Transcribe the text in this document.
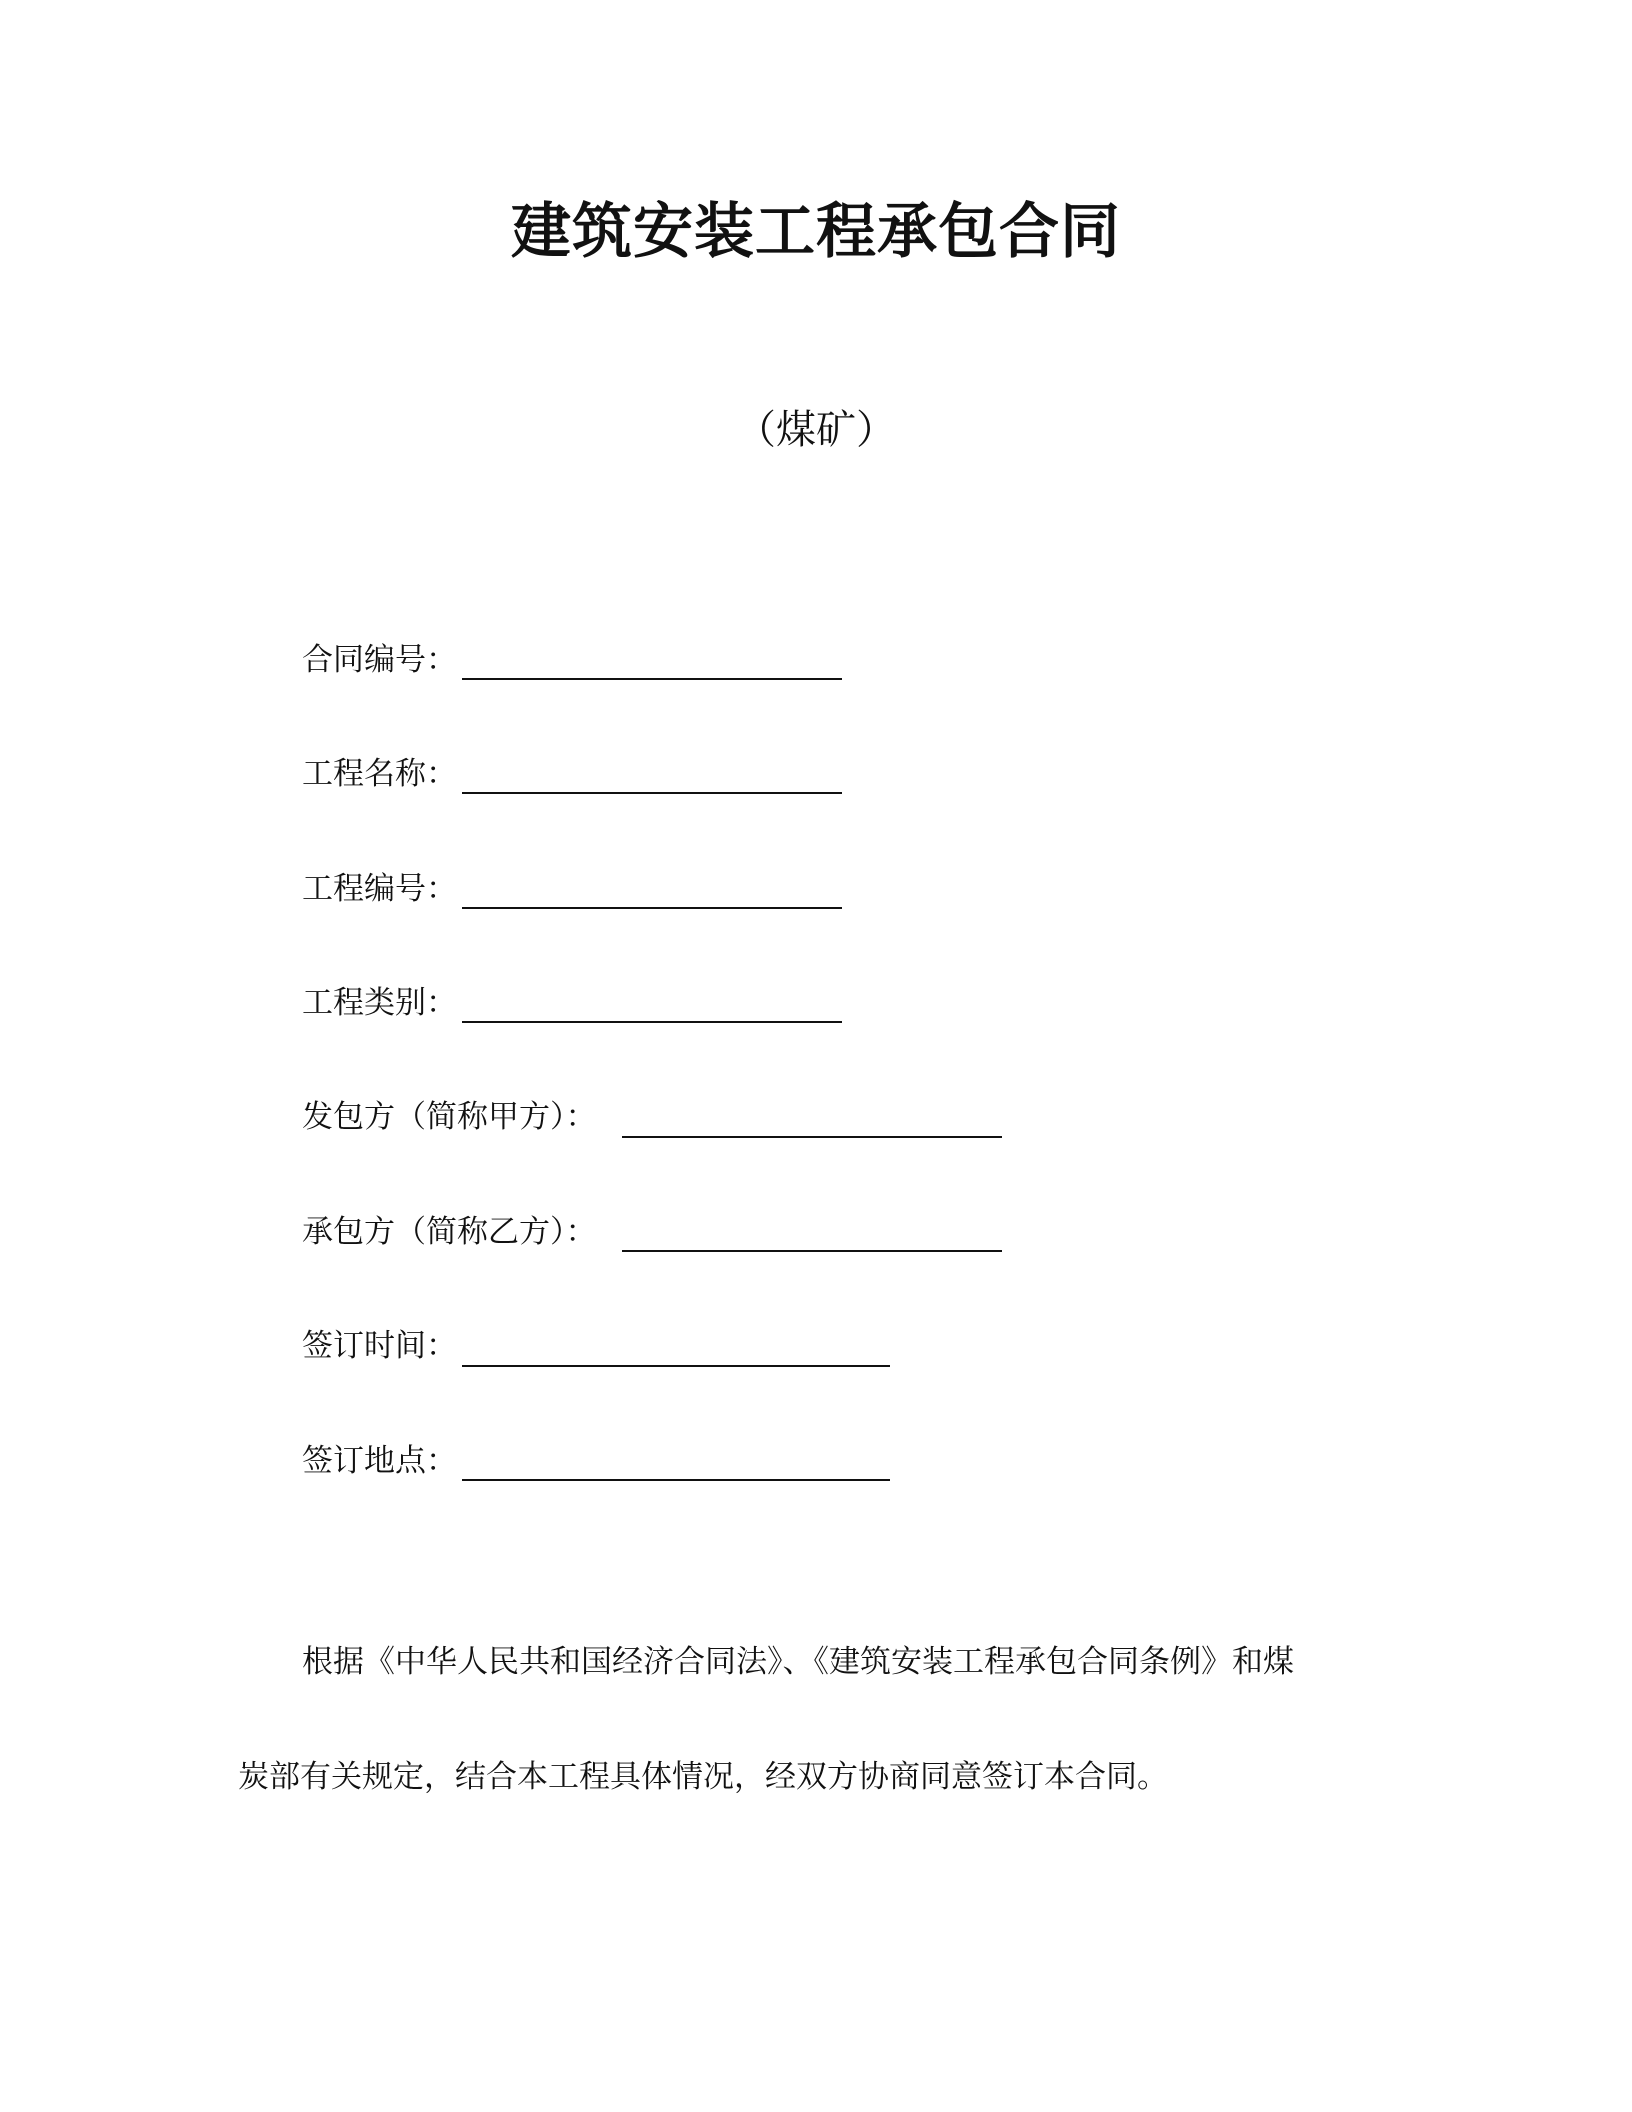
建筑安装工程承包合同
（煤矿）
合同编号：
工程名称：
工程编号：
工程类别：
发包方（简称甲方）：
承包方（简称乙方）：
签订时间：
签订地点：
根据《中华人民共和国经济合同法》、《建筑安装工程承包合同条例》和煤
炭部有关规定，结合本工程具体情况，经双方协商同意签订本合同。
